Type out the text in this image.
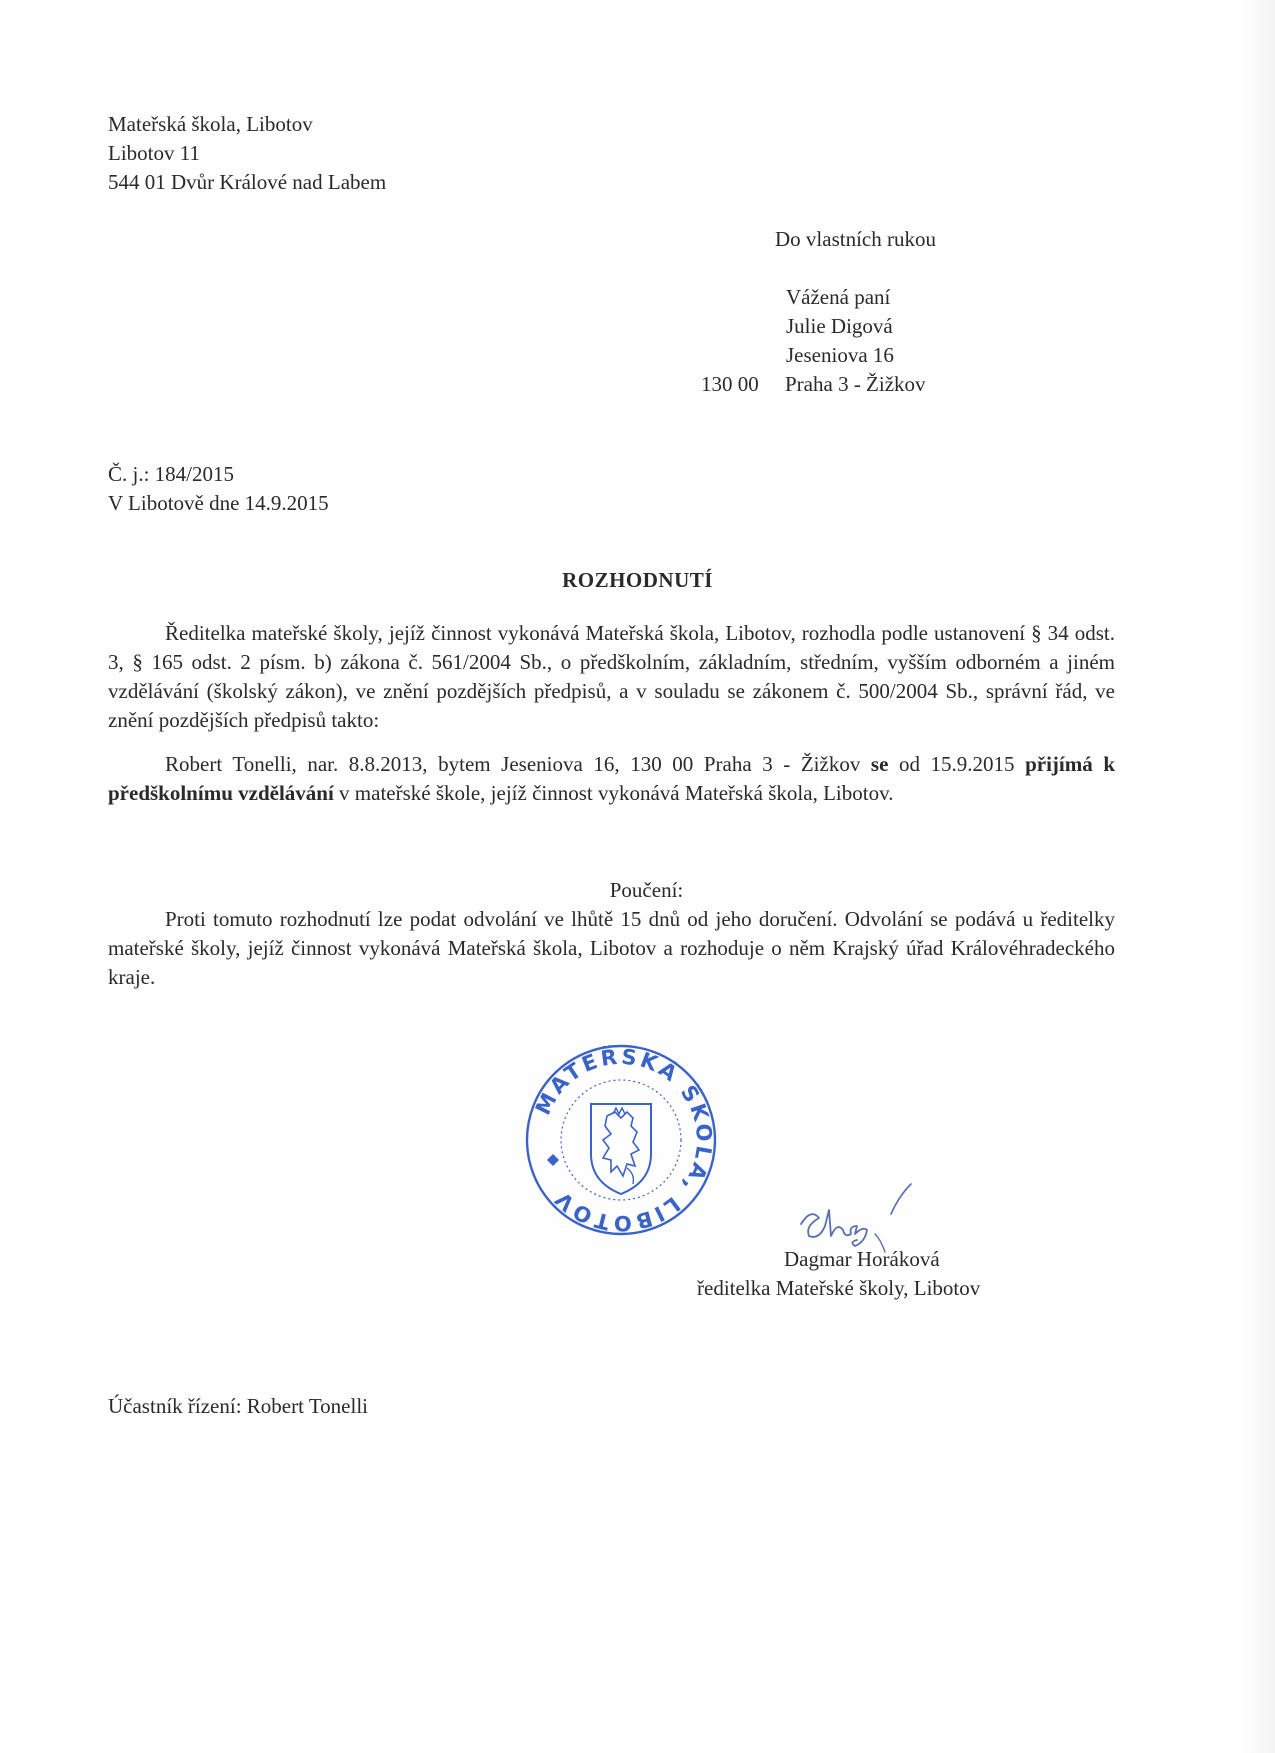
Mateřská škola, Libotov
Libotov 11
544 01 Dvůr Králové nad Labem
Do vlastních rukou
Vážená paní
Julie Digová
Jeseniova 16
130 00 Praha 3 - Žižkov
Č. j.: 184/2015
V Libotově dne 14.9.2015
ROZHODNUTÍ
Ředitelka mateřské školy, jejíž činnost vykonává Mateřská škola, Libotov, rozhodla podle ustanovení § 34 odst. 3, § 165 odst. 2 písm. b) zákona č. 561/2004 Sb., o předškolním, základním, středním, vyšším odborném a jiném vzdělávání (školský zákon), ve znění pozdějších předpisů, a v souladu se zákonem č. 500/2004 Sb., správní řád, ve znění pozdějších předpisů takto:
Robert Tonelli, nar. 8.8.2013, bytem Jeseniova 16, 130 00 Praha 3 - Žižkov se od 15.9.2015 přijímá k předškolnímu vzdělávání v mateřské škole, jejíž činnost vykonává Mateřská škola, Libotov.
Poučení:
Proti tomuto rozhodnutí lze podat odvolání ve lhůtě 15 dnů od jeho doručení. Odvolání se podává u ředitelky mateřské školy, jejíž činnost vykonává Mateřská škola, Libotov a rozhoduje o něm Krajský úřad Královéhradeckého kraje.
MATEŘSKÁ ŠKOLA, LIBOTOV
Dagmar Horáková
ředitelka Mateřské školy, Libotov
Účastník řízení: Robert Tonelli
